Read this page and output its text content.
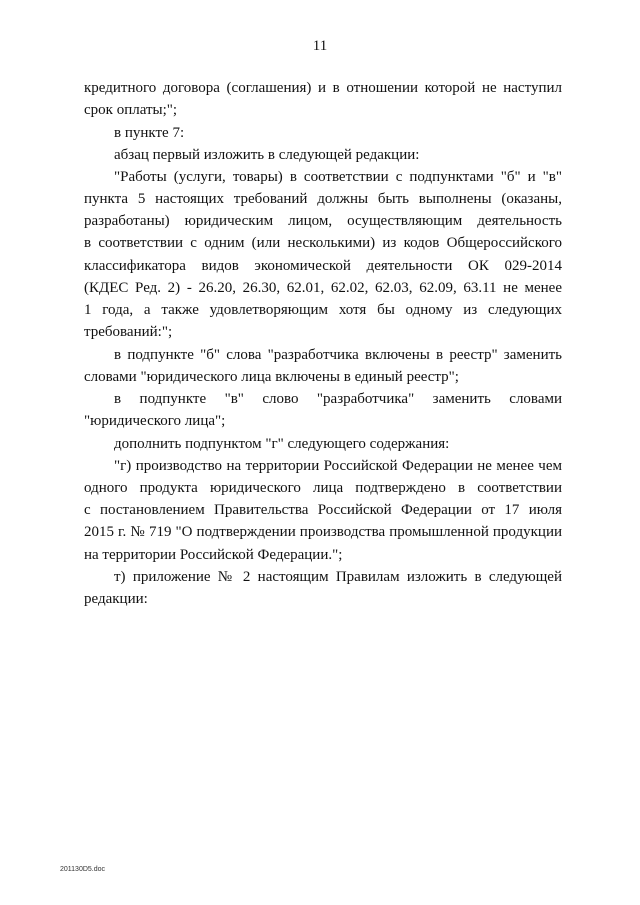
11
кредитного договора (соглашения) и в отношении которой не наступил
срок оплаты;";
в пункте 7:
абзац первый изложить в следующей редакции:
"Работы (услуги, товары) в соответствии с подпунктами "б" и "в"
пункта 5 настоящих требований должны быть выполнены (оказаны,
разработаны) юридическим лицом, осуществляющим деятельность
в соответствии с одним (или несколькими) из кодов Общероссийского
классификатора видов экономической деятельности ОК 029-2014
(КДЕС Ред. 2) - 26.20, 26.30, 62.01, 62.02, 62.03, 62.09, 63.11 не менее
1 года, а также удовлетворяющим хотя бы одному из следующих
требований:";
в подпункте "б" слова "разработчика включены в реестр" заменить
словами "юридического лица включены в единый реестр";
в подпункте "в" слово "разработчика" заменить словами
"юридического лица";
дополнить подпунктом "г" следующего содержания:
"г) производство на территории Российской Федерации не менее чем
одного продукта юридического лица подтверждено в соответствии
с постановлением Правительства Российской Федерации от 17 июля
2015 г. № 719 "О подтверждении производства промышленной продукции
на территории Российской Федерации.";
т) приложение № 2 настоящим Правилам изложить в следующей
редакции:
201130D5.doc
